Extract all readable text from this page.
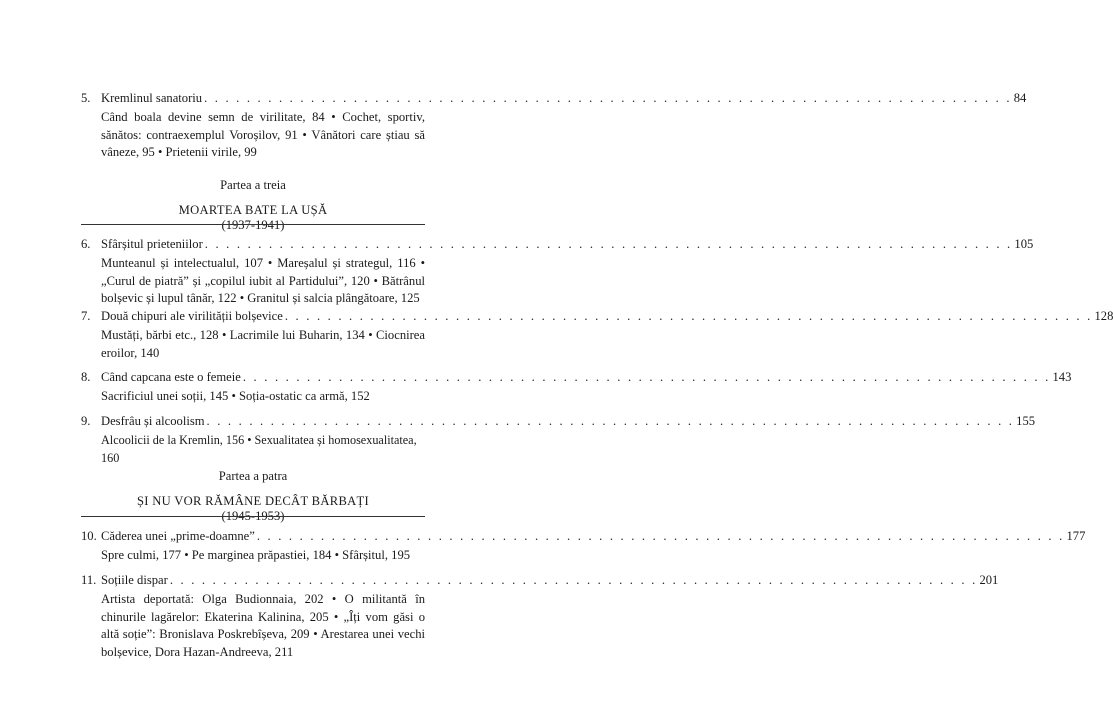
5. Kremlinul sanatoriu . . . . . . . . . . . . . . . . . . . . . . . . . . . . . . . . . . . . . . . . . . . . . . . . . . . . . . . . . . . . . . . . . . . . . . . . . . . . 84
Când boala devine semn de virilitate, 84 • Cochet, sportiv, sănătos: contraexemplul Voroșilov, 91 • Vânători care știau să vâneze, 95 • Prietenii virile, 99
Partea a treia
MOARTEA BATE LA UȘĂ
(1937-1941)
6. Sfârșitul prieteniilor . . . . . . . . . . . . . . . . . . . . . . . . . . . . . . . . . . . . . . . . . . . . . . . . . . . . . . . . . . . . . . . . . . . . . . . . . . . . 105
Munteanul și intelectualul, 107 • Mareșalul și strategul, 116 • „Curul de piatră” și „copilul iubit al Partidului”, 120 • Bătrânul bolșevic și lupul tânăr, 122 • Granitul și salcia plângătoare, 125
7. Două chipuri ale virilității bolșevice . . . . . . . . . . . . . . . . . . . . . . . . . . . . . . . . . . . . . . . . . . . . . . . . . . . . . . . . . . . . . . . . . . . . . . . . . . . . 128
Mustăți, bărbi etc., 128 • Lacrimile lui Buharin, 134 • Ciocnirea eroilor, 140
8. Când capcana este o femeie . . . . . . . . . . . . . . . . . . . . . . . . . . . . . . . . . . . . . . . . . . . . . . . . . . . . . . . . . . . . . . . . . . . . . . . . . . . . 143
Sacrificiul unei soții, 145 • Soția-ostatic ca armă, 152
9. Desfrâu și alcoolism . . . . . . . . . . . . . . . . . . . . . . . . . . . . . . . . . . . . . . . . . . . . . . . . . . . . . . . . . . . . . . . . . . . . . . . . . . . . 155
Alcoolicii de la Kremlin, 156 • Sexualitatea și homosexualitatea, 160
Partea a patra
ȘI NU VOR RĂMÂNE DECÂT BĂRBAȚI
(1945-1953)
10. Căderea unei „prime-doamne” . . . . . . . . . . . . . . . . . . . . . . . . . . . . . . . . . . . . . . . . . . . . . . . . . . . . . . . . . . . . . . . . . . . . . . . . . . . . 177
Spre culmi, 177 • Pe marginea prăpastiei, 184 • Sfârșitul, 195
11. Soțiile dispar . . . . . . . . . . . . . . . . . . . . . . . . . . . . . . . . . . . . . . . . . . . . . . . . . . . . . . . . . . . . . . . . . . . . . . . . . . . . 201
Artista deportată: Olga Budionnaia, 202 • O militantă în chinurile lagărelor: Ekaterina Kalinina, 205 • „Îți vom găsi o altă soție”: Bronislava Poskrebîșeva, 209 • Arestarea unei vechi bolșevice, Dora Hazan-Andreeva, 211
